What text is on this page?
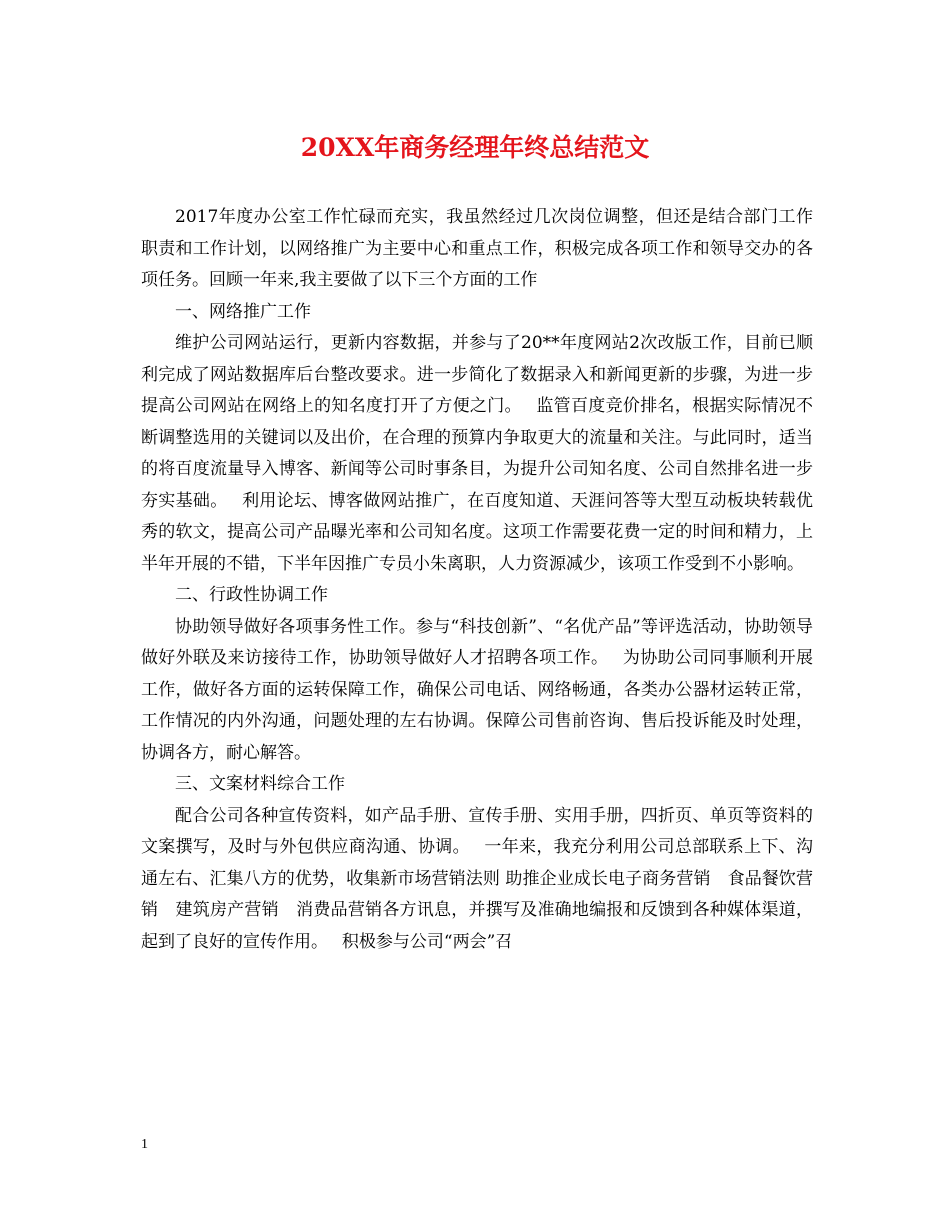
20XX年商务经理年终总结范文

2017年度办公室工作忙碌而充实，我虽然经过几次岗位调整，但还是结合部门工作职责和工作计划，以网络推广为主要中心和重点工作，积极完成各项工作和领导交办的各项任务。回顾一年来,我主要做了以下三个方面的工作

一、网络推广工作

维护公司网站运行，更新内容数据，并参与了20**年度网站2次改版工作，目前已顺利完成了网站数据库后台整改要求。进一步简化了数据录入和新闻更新的步骤，为进一步提高公司网站在网络上的知名度打开了方便之门。　 监管百度竞价排名，根据实际情况不断调整选用的关键词以及出价，在合理的预算内争取更大的流量和关注。与此同时，适当的将百度流量导入博客、新闻等公司时事条目，为提升公司知名度、公司自然排名进一步夯实基础。　 利用论坛、博客做网站推广，在百度知道、天涯问答等大型互动板块转载优秀的软文，提高公司产品曝光率和公司知名度。这项工作需要花费一定的时间和精力，上半年开展的不错，下半年因推广专员小朱离职，人力资源减少，该项工作受到不小影响。

二、行政性协调工作

协助领导做好各项事务性工作。参与“科技创新”、“名优产品”等评选活动，协助领导做好外联及来访接待工作，协助领导做好人才招聘各项工作。　 为协助公司同事顺利开展工作，做好各方面的运转保障工作，确保公司电话、网络畅通，各类办公器材运转正常，工作情况的内外沟通，问题处理的左右协调。保障公司售前咨询、售后投诉能及时处理，协调各方，耐心解答。

三、文案材料综合工作

配合公司各种宣传资料，如产品手册、宣传手册、实用手册，四折页、单页等资料的文案撰写，及时与外包供应商沟通、协调。　 一年来，我充分利用公司总部联系上下、沟通左右、汇集八方的优势，收集新市场营销法则 助推企业成长电子商务营销　食品餐饮营销　建筑房产营销　消费品营销各方讯息，并撰写及准确地编报和反馈到各种媒体渠道，起到了良好的宣传作用。　 积极参与公司“两会”召

1
